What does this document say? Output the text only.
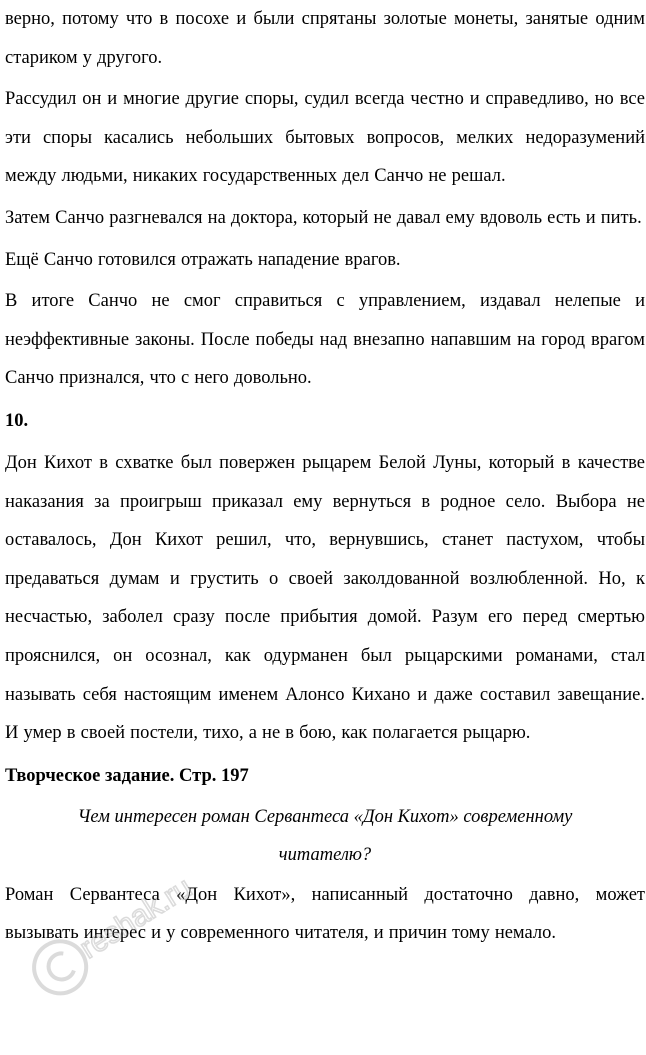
верно, потому что в посохе и были спрятаны золотые монеты, занятые одним стариком у другого.

Рассудил он и многие другие споры, судил всегда честно и справедливо, но все эти споры касались небольших бытовых вопросов, мелких недоразумений между людьми, никаких государственных дел Санчо не решал.

Затем Санчо разгневался на доктора, который не давал ему вдоволь есть и пить.

Ещё Санчо готовился отражать нападение врагов.

В итоге Санчо не смог справиться с управлением, издавал нелепые и неэффективные законы. После победы над внезапно напавшим на город врагом Санчо признался, что с него довольно.

10.

Дон Кихот в схватке был повержен рыцарем Белой Луны, который в качестве наказания за проигрыш приказал ему вернуться в родное село. Выбора не оставалось, Дон Кихот решил, что, вернувшись, станет пастухом, чтобы предаваться думам и грустить о своей заколдованной возлюбленной. Но, к несчастью, заболел сразу после прибытия домой. Разум его перед смертью прояснился, он осознал, как одурманен был рыцарскими романами, стал называть себя настоящим именем Алонсо Кихано и даже составил завещание. И умер в своей постели, тихо, а не в бою, как полагается рыцарю.

Творческое задание. Стр. 197
Чем интересен роман Сервантеса «Дон Кихот» современному читателю?

Роман Сервантеса «Дон Кихот», написанный достаточно давно, может вызывать интерес и у современного читателя, и причин тому немало.

reshak.ru
